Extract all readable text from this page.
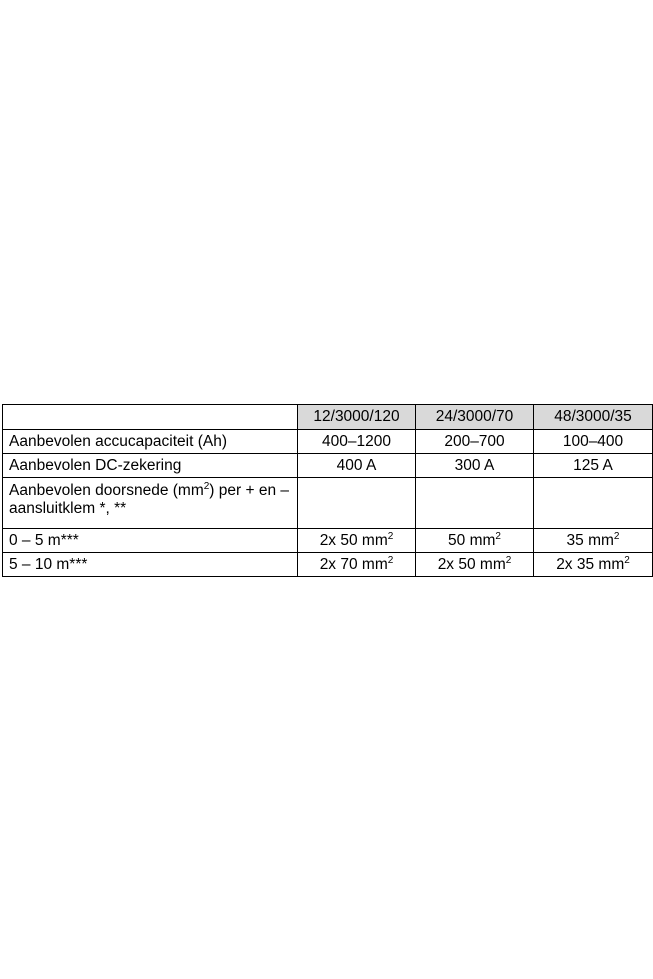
	12/3000/120	24/3000/70	48/3000/35
Aanbevolen accucapaciteit (Ah)	400–1200	200–700	100–400
Aanbevolen DC-zekering	400 A	300 A	125 A
Aanbevolen doorsnede $(mm^2)$ per + en – aansluitklem *, **			
0 – 5 m***	2x 50 $mm^2$	50 $mm^2$	35 $mm^2$
5 – 10 m***	2x 70 $mm^2$	2x 50 $mm^2$	2x 35 $mm^2$
